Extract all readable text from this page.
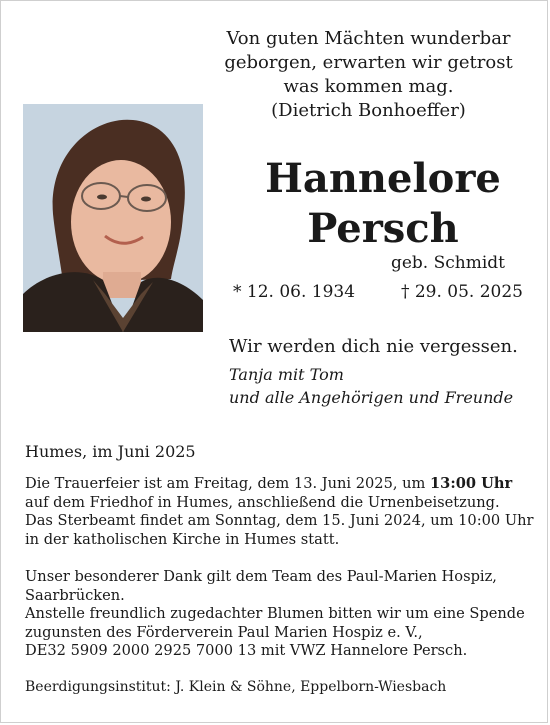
Von guten Mächten wunderbar
geborgen, erwarten wir getrost
was kommen mag.
(Dietrich Bonhoeffer)
Hannelore
Persch
geb. Schmidt
* 12. 06. 1934	† 29. 05. 2025
Wir werden dich nie vergessen.
Tanja mit Tom
und alle Angehörigen und Freunde
Humes, im Juni 2025
Die Trauerfeier ist am Freitag, dem 13. Juni 2025, um 13:00 Uhr
auf dem Friedhof in Humes, anschließend die Urnenbeisetzung.
Das Sterbeamt findet am Sonntag, dem 15. Juni 2024, um 10:00 Uhr
in der katholischen Kirche in Humes statt.
Unser besonderer Dank gilt dem Team des Paul-Marien Hospiz,
Saarbrücken.
Anstelle freundlich zugedachter Blumen bitten wir um eine Spende
zugunsten des Förderverein Paul Marien Hospiz e. V.,
DE32 5909 2000 2925 7000 13 mit VWZ Hannelore Persch.
Beerdigungsinstitut: J. Klein & Söhne, Eppelborn-Wiesbach
